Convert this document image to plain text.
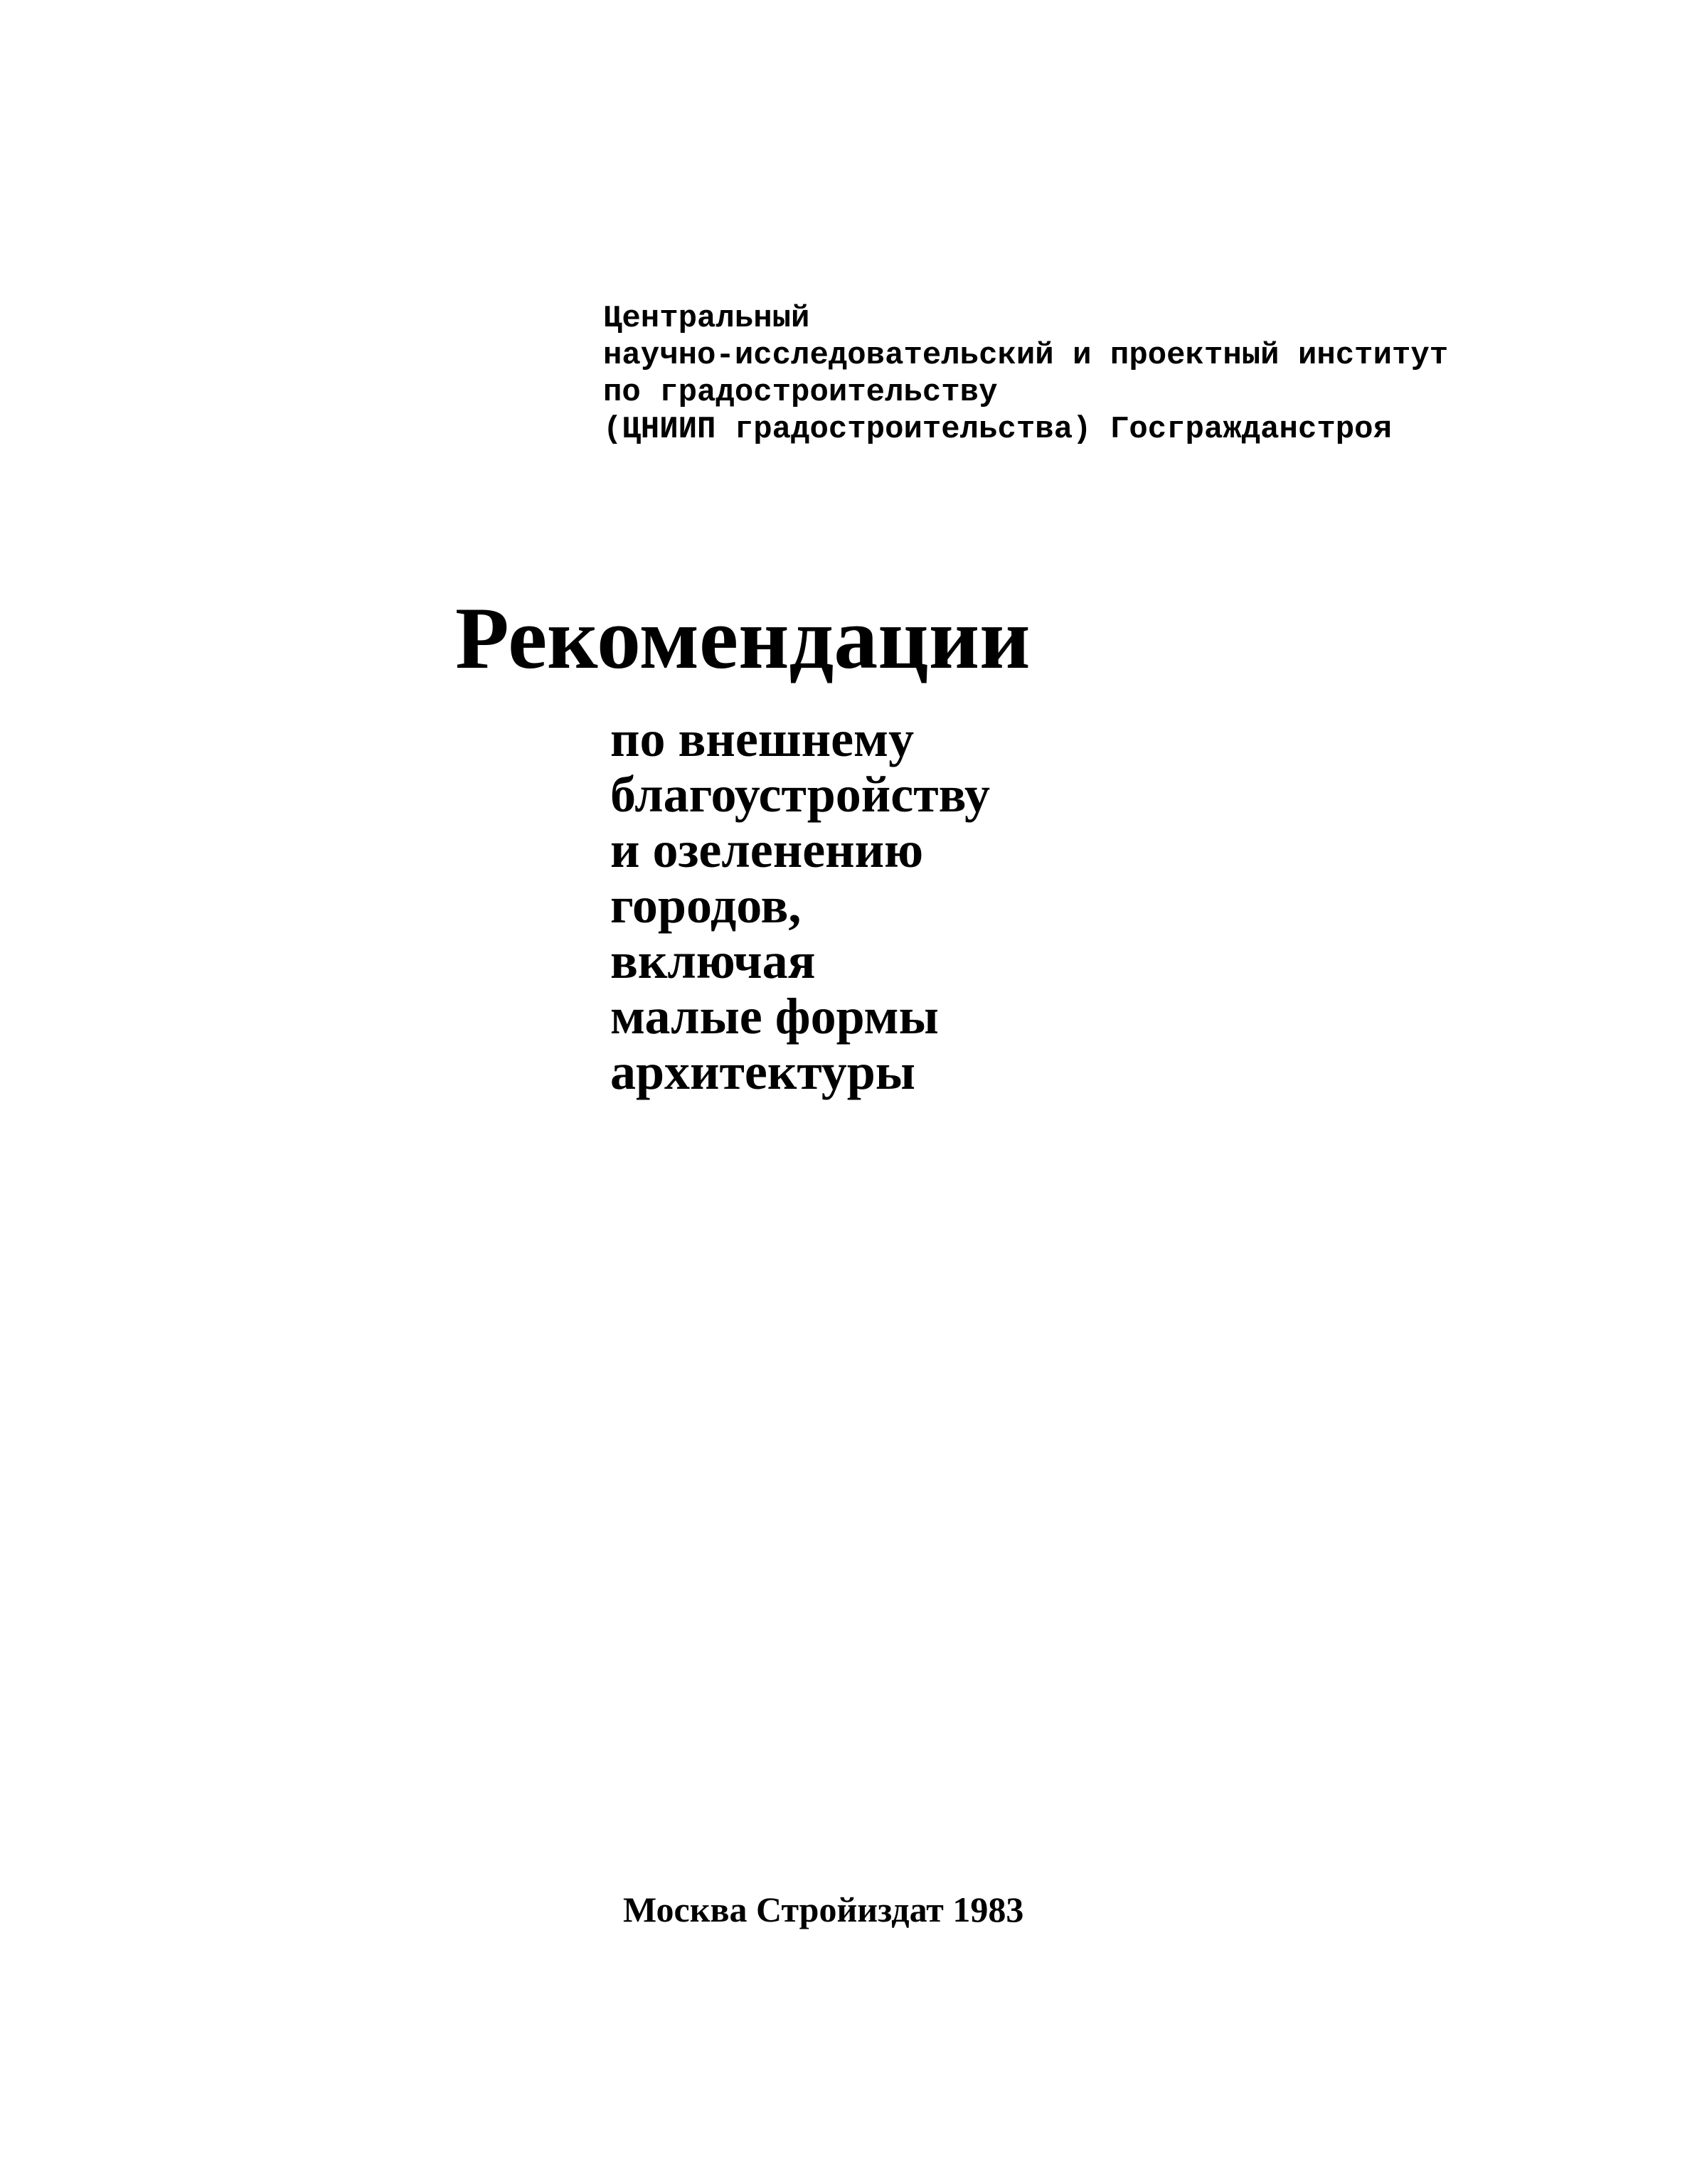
Центральный
научно-исследовательский и проектный институт
по градостроительству
(ЦНИИП градостроительства) Госгражданстроя
Рекомендации
по внешнему
благоустройству
и озеленению
городов,
включая
малые формы
архитектуры
Москва Стройиздат 1983
